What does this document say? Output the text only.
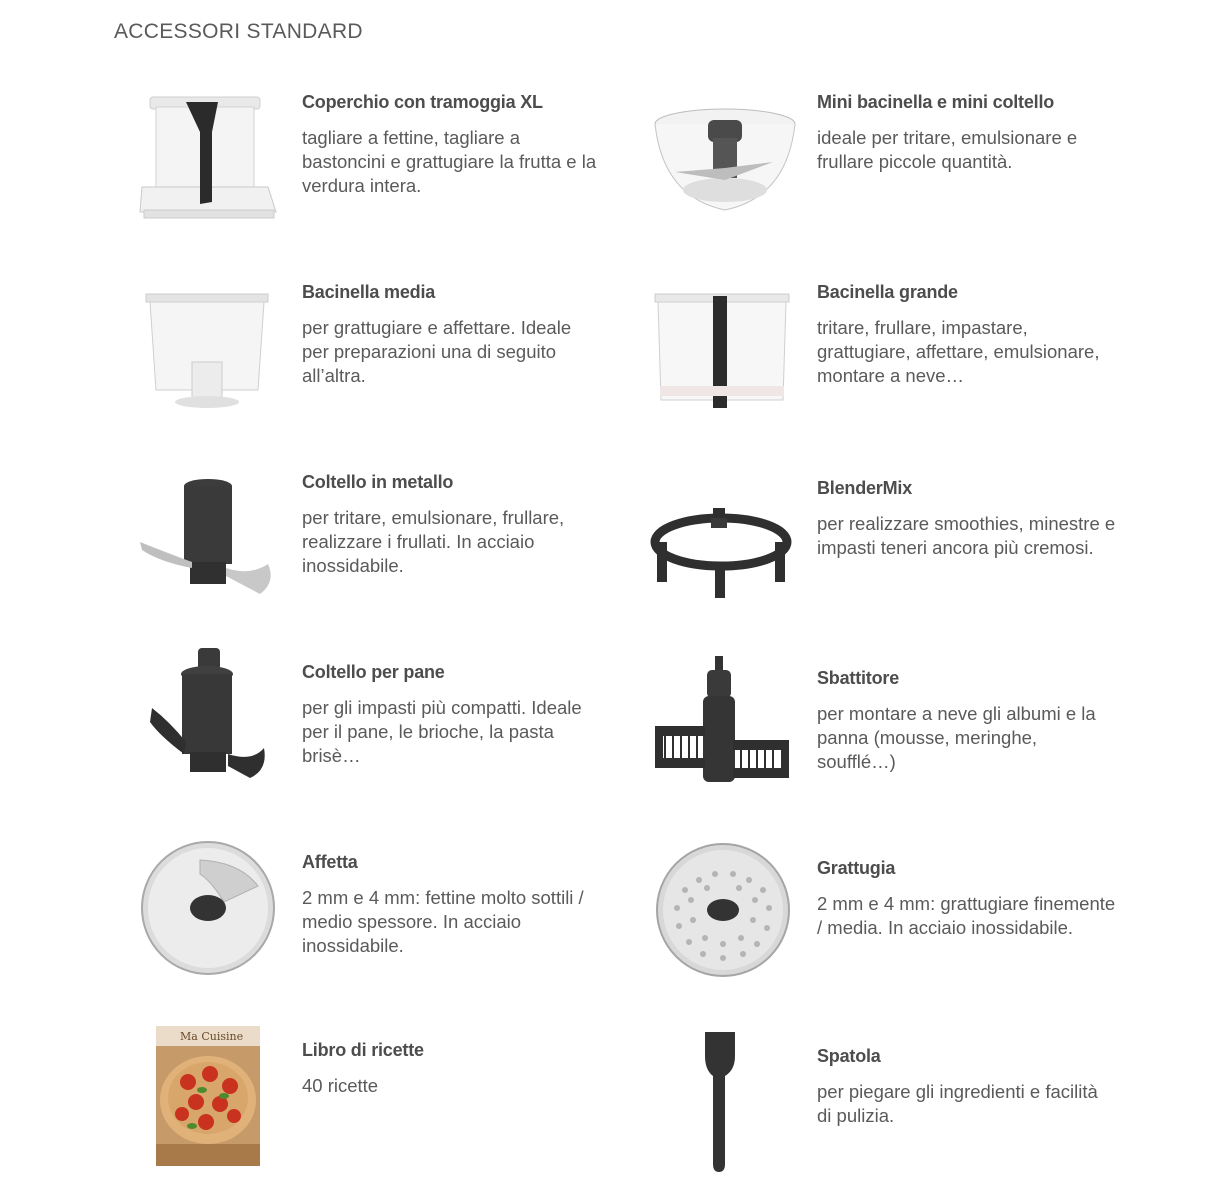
ACCESSORI STANDARD
Coperchio con tramoggia XL
tagliare a fettine, tagliare a bastoncini e grattugiare la frutta e la verdura intera.
Mini bacinella e mini coltello
ideale per tritare, emulsionare e frullare piccole quantità.
Bacinella media
per grattugiare e affettare. Ideale per preparazioni una di seguito all’altra.
Bacinella grande
tritare, frullare, impastare, grattugiare, affettare, emulsionare, montare a neve…
Coltello in metallo
per tritare, emulsionare, frullare, realizzare i frullati. In acciaio inossidabile.
BlenderMix
per realizzare smoothies, minestre e impasti teneri ancora più cremosi.
Coltello per pane
per gli impasti più compatti. Ideale per il pane, le brioche, la pasta brisè…
Sbattitore
per montare a neve gli albumi e la panna (mousse, meringhe, soufflé…)
Affetta
2 mm e 4 mm: fettine molto sottili / medio spessore. In acciaio inossidabile.
Grattugia
2 mm e 4 mm: grattugiare finemente / media. In acciaio inossidabile.
Ma Cuisine
Libro di ricette
40 ricette
Spatola
per piegare gli ingredienti e facilità di pulizia.
